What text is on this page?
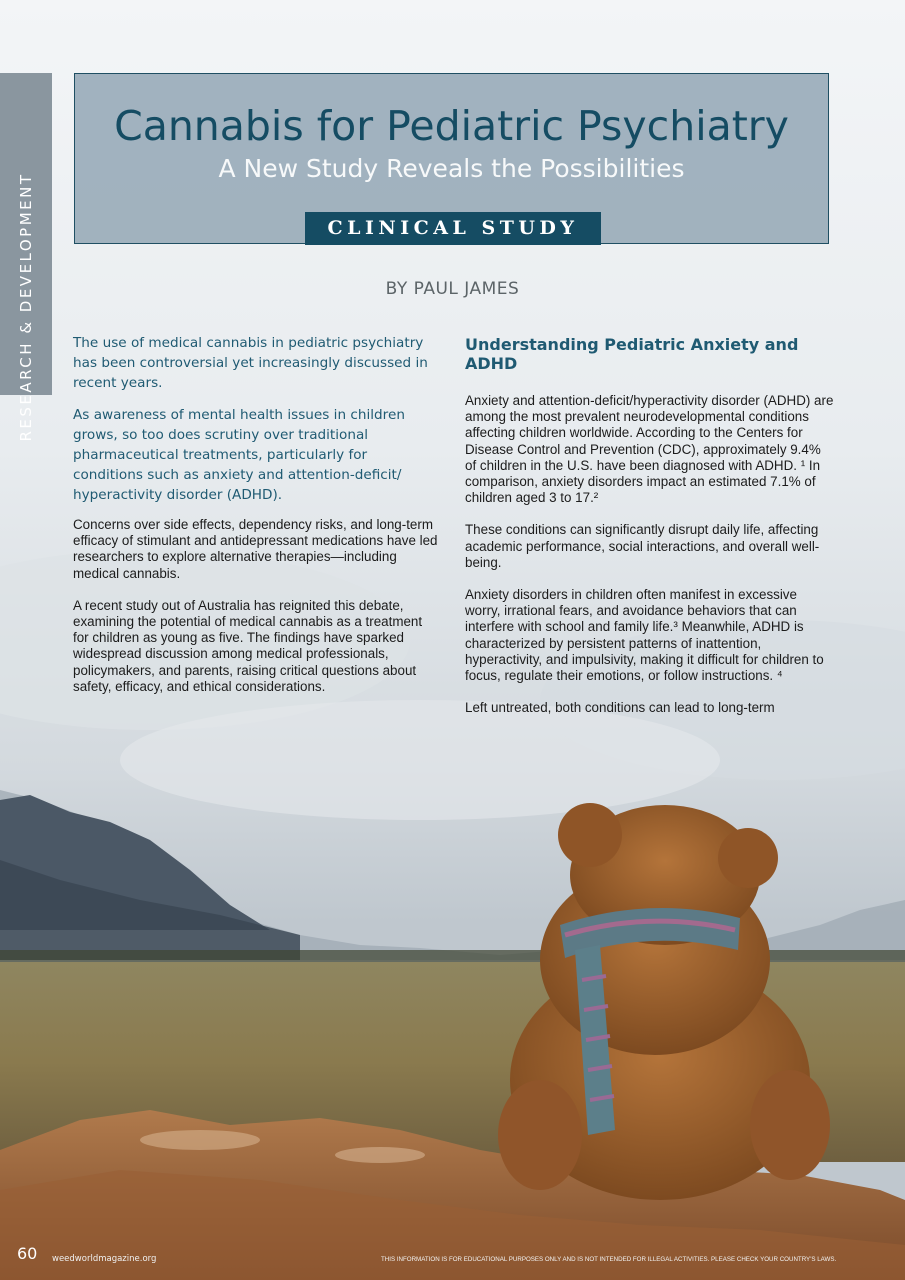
RESEARCH & DEVELOPMENT
Cannabis for Pediatric Psychiatry
A New Study Reveals the Possibilities
CLINICAL STUDY
BY PAUL JAMES

The use of medical cannabis in pediatric psychiatry has been controversial yet increasingly discussed in recent years.

As awareness of mental health issues in children grows, so too does scrutiny over traditional pharmaceutical treatments, particularly for conditions such as anxiety and attention-deficit/ hyperactivity disorder (ADHD).

Concerns over side effects, dependency risks, and long-term efficacy of stimulant and antidepressant medications have led researchers to explore alternative therapies—including medical cannabis.

A recent study out of Australia has reignited this debate, examining the potential of medical cannabis as a treatment for children as young as five. The findings have sparked widespread discussion among medical professionals, policymakers, and parents, raising critical questions about safety, efficacy, and ethical considerations.

Understanding Pediatric Anxiety and ADHD

Anxiety and attention-deficit/hyperactivity disorder (ADHD) are among the most prevalent neurodevelopmental conditions affecting children worldwide. According to the Centers for Disease Control and Prevention (CDC), approximately 9.4% of children in the U.S. have been diagnosed with ADHD. ¹ In comparison, anxiety disorders impact an estimated 7.1% of children aged 3 to 17.²

These conditions can significantly disrupt daily life, affecting academic performance, social interactions, and overall well-being.

Anxiety disorders in children often manifest in excessive worry, irrational fears, and avoidance behaviors that can interfere with school and family life.³ Meanwhile, ADHD is characterized by persistent patterns of inattention, hyperactivity, and impulsivity, making it difficult for children to focus, regulate their emotions, or follow instructions. ⁴

Left untreated, both conditions can lead to long-term

60 weedworldmagazine.org	THIS INFORMATION IS FOR EDUCATIONAL PURPOSES ONLY AND IS NOT INTENDED FOR ILLEGAL ACTIVITIES. PLEASE CHECK YOUR COUNTRY'S LAWS.
